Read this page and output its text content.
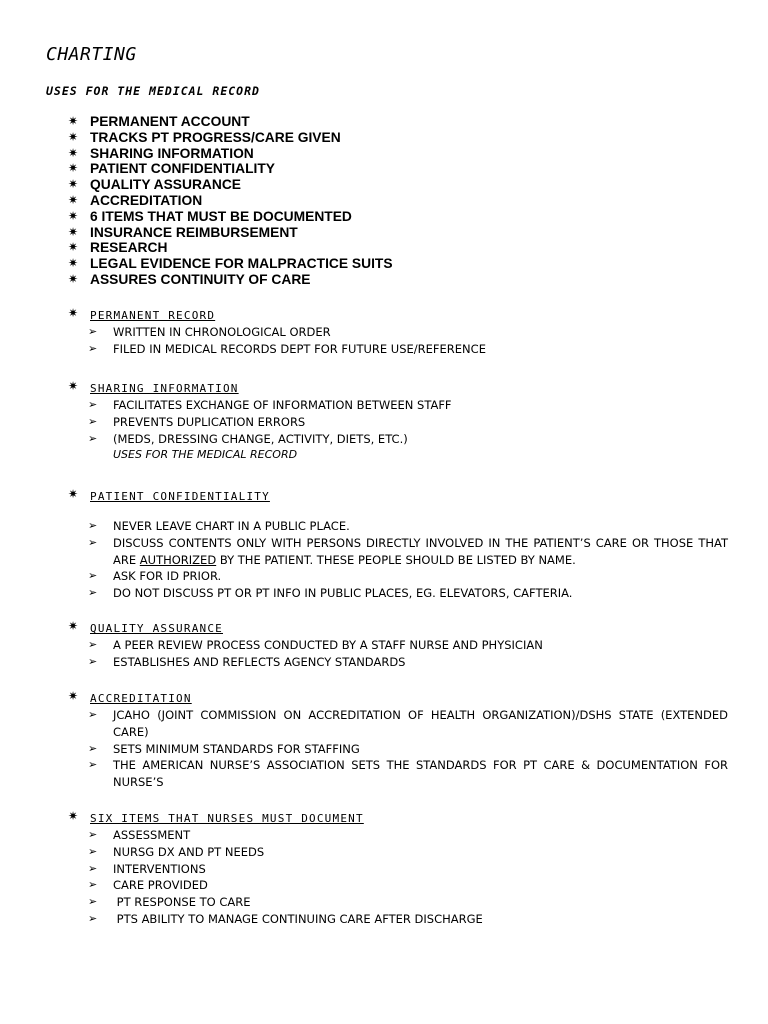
CHARTING
USES FOR THE MEDICAL RECORD
✷ PERMANENT ACCOUNT
✷ TRACKS PT PROGRESS/CARE GIVEN
✷ SHARING INFORMATION
✷ PATIENT CONFIDENTIALITY
✷ QUALITY ASSURANCE
✷ ACCREDITATION
✷ 6 ITEMS THAT MUST BE DOCUMENTED
✷ INSURANCE REIMBURSEMENT
✷ RESEARCH
✷ LEGAL EVIDENCE FOR MALPRACTICE SUITS
✷ ASSURES CONTINUITY OF CARE
✷ PERMANENT RECORD
➢ WRITTEN IN CHRONOLOGICAL ORDER
➢ FILED IN MEDICAL RECORDS DEPT FOR FUTURE USE/REFERENCE
✷ SHARING INFORMATION
➢ FACILITATES EXCHANGE OF INFORMATION BETWEEN STAFF
➢ PREVENTS DUPLICATION ERRORS
➢ (MEDS, DRESSING CHANGE, ACTIVITY, DIETS, ETC.)
USES FOR THE MEDICAL RECORD
✷ PATIENT CONFIDENTIALITY
➢ NEVER LEAVE CHART IN A PUBLIC PLACE.
➢ DISCUSS CONTENTS ONLY WITH PERSONS DIRECTLY INVOLVED IN THE PATIENT’S CARE OR THOSE THAT ARE AUTHORIZED BY THE PATIENT. THESE PEOPLE SHOULD BE LISTED BY NAME.
➢ ASK FOR ID PRIOR.
➢ DO NOT DISCUSS PT OR PT INFO IN PUBLIC PLACES, EG. ELEVATORS, CAFTERIA.
✷ QUALITY ASSURANCE
➢ A PEER REVIEW PROCESS CONDUCTED BY A STAFF NURSE AND PHYSICIAN
➢ ESTABLISHES AND REFLECTS AGENCY STANDARDS
✷ ACCREDITATION
➢ JCAHO (JOINT COMMISSION ON ACCREDITATION OF HEALTH ORGANIZATION)/DSHS STATE (EXTENDED CARE)
➢ SETS MINIMUM STANDARDS FOR STAFFING
➢ THE AMERICAN NURSE’S ASSOCIATION SETS THE STANDARDS FOR PT CARE & DOCUMENTATION FOR NURSE’S
✷ SIX ITEMS THAT NURSES MUST DOCUMENT
➢ ASSESSMENT
➢ NURSG DX AND PT NEEDS
➢ INTERVENTIONS
➢ CARE PROVIDED
➢ PT RESPONSE TO CARE
➢ PTS ABILITY TO MANAGE CONTINUING CARE AFTER DISCHARGE
